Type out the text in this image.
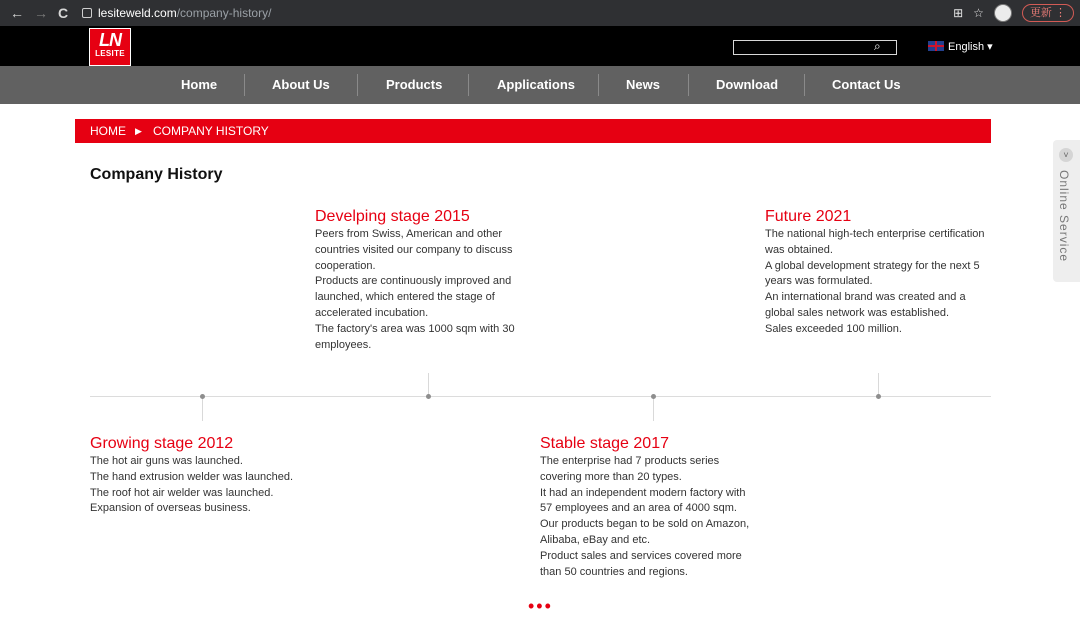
← → C	lesiteweld.com/company-history/	⊞ ☆	更新 ⋮
LN
LESITE
⌕	English ▾
Home	About Us	Products	Applications	News	Download	Contact Us
HOME ▶ COMPANY HISTORY
Company History
Develping stage 2015
Peers from Swiss, American and other
countries visited our company to discuss
cooperation.
Products are continuously improved and
launched, which entered the stage of
accelerated incubation.
The factory's area was 1000 sqm with 30
employees.
Future 2021
The national high-tech enterprise certification
was obtained.
A global development strategy for the next 5
years was formulated.
An international brand was created and a
global sales network was established.
Sales exceeded 100 million.
Growing stage 2012
The hot air guns was launched.
The hand extrusion welder was launched.
The roof hot air welder was launched.
Expansion of overseas business.
Stable stage 2017
The enterprise had 7 products series
covering more than 20 types.
It had an independent modern factory with
57 employees and an area of 4000 sqm.
Our products began to be sold on Amazon,
Alibaba, eBay and etc.
Product sales and services covered more
than 50 countries and regions.
•••
˅
Online Service
